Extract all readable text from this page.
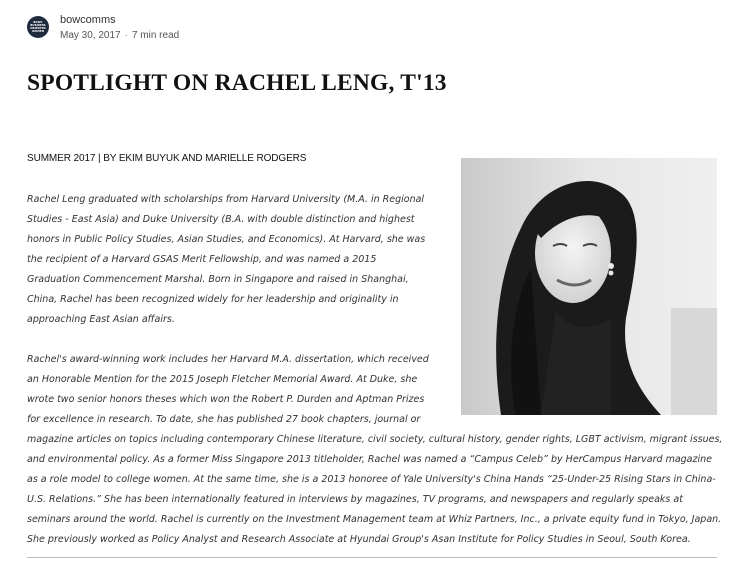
BOWC
BUSINESS
ORIENTED
WOMEN
bowcomms
May 30, 2017 · 7 min read
SPOTLIGHT ON RACHEL LENG, T'13
SUMMER 2017 | BY EKIM BUYUK AND MARIELLE RODGERS

Rachel Leng graduated with scholarships from Harvard University (M.A. in Regional
Studies - East Asia) and Duke University (B.A. with double distinction and highest
honors in Public Policy Studies, Asian Studies, and Economics). At Harvard, she was
the recipient of a Harvard GSAS Merit Fellowship, and was named a 2015
Graduation Commencement Marshal. Born in Singapore and raised in Shanghai,
China, Rachel has been recognized widely for her leadership and originality in
approaching East Asian affairs.

Rachel's award-winning work includes her Harvard M.A. dissertation, which received
an Honorable Mention for the 2015 Joseph Fletcher Memorial Award. At Duke, she
wrote two senior honors theses which won the Robert P. Durden and Aptman Prizes
for excellence in research. To date, she has published 27 book chapters, journal or
magazine articles on topics including contemporary Chinese literature, civil society, cultural history, gender rights, LGBT activism, migrant issues,
and environmental policy. As a former Miss Singapore 2013 titleholder, Rachel was named a “Campus Celeb” by HerCampus Harvard magazine
as a role model to college women. At the same time, she is a 2013 honoree of Yale University's China Hands “25-Under-25 Rising Stars in China-
U.S. Relations.” She has been internationally featured in interviews by magazines, TV programs, and newspapers and regularly speaks at
seminars around the world. Rachel is currently on the Investment Management team at Whiz Partners, Inc., a private equity fund in Tokyo, Japan.
She previously worked as Policy Analyst and Research Associate at Hyundai Group's Asan Institute for Policy Studies in Seoul, South Korea.
